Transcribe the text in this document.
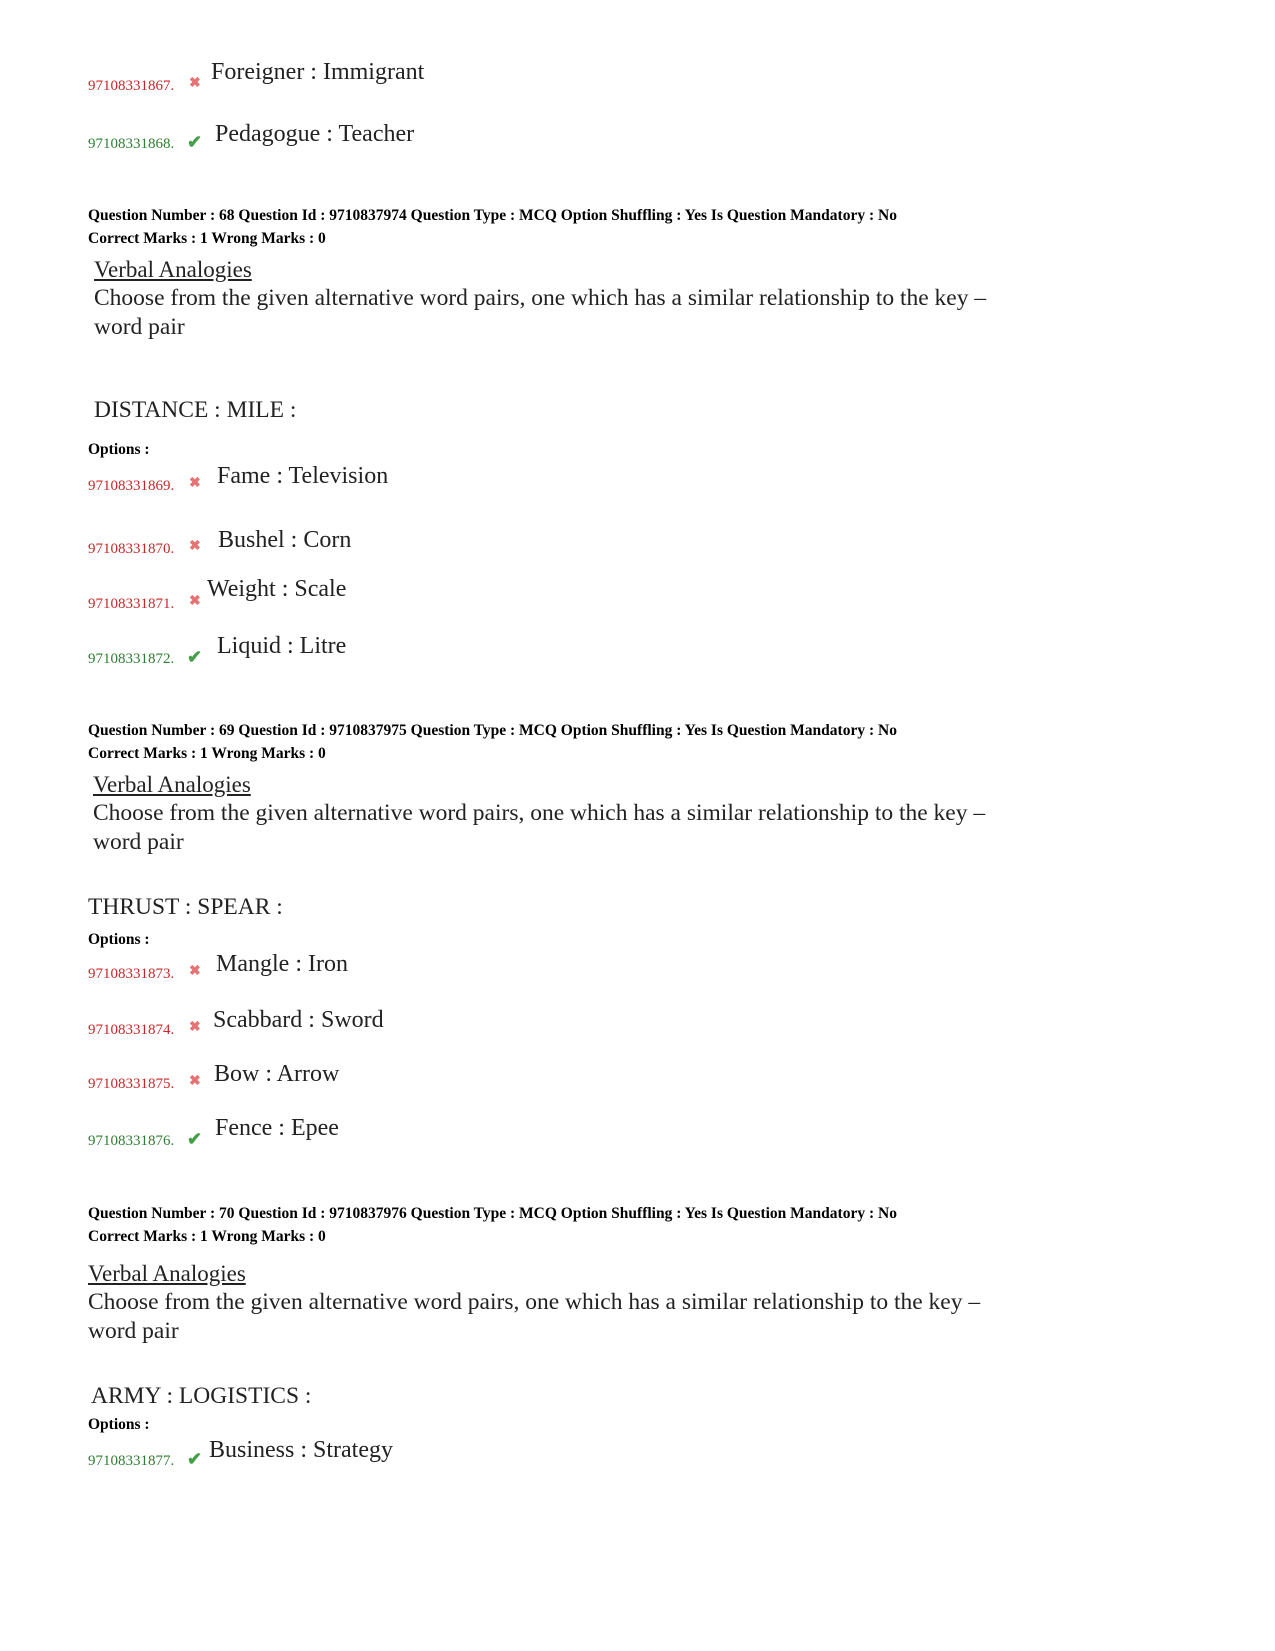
97108331867. ✖ Foreigner : Immigrant
97108331868. ✔ Pedagogue : Teacher
Question Number : 68 Question Id : 9710837974 Question Type : MCQ Option Shuffling : Yes Is Question Mandatory : No
Correct Marks : 1 Wrong Marks : 0
Verbal Analogies
Choose from the given alternative word pairs, one which has a similar relationship to the key – word pair
DISTANCE : MILE :
Options :
97108331869. ✖ Fame : Television
97108331870. ✖ Bushel : Corn
97108331871. ✖ Weight : Scale
97108331872. ✔ Liquid : Litre
Question Number : 69 Question Id : 9710837975 Question Type : MCQ Option Shuffling : Yes Is Question Mandatory : No
Correct Marks : 1 Wrong Marks : 0
Verbal Analogies
Choose from the given alternative word pairs, one which has a similar relationship to the key – word pair
THRUST : SPEAR :
Options :
97108331873. ✖ Mangle : Iron
97108331874. ✖ Scabbard : Sword
97108331875. ✖ Bow : Arrow
97108331876. ✔ Fence : Epee
Question Number : 70 Question Id : 9710837976 Question Type : MCQ Option Shuffling : Yes Is Question Mandatory : No
Correct Marks : 1 Wrong Marks : 0
Verbal Analogies
Choose from the given alternative word pairs, one which has a similar relationship to the key – word pair
ARMY : LOGISTICS :
Options :
97108331877. ✔ Business : Strategy
